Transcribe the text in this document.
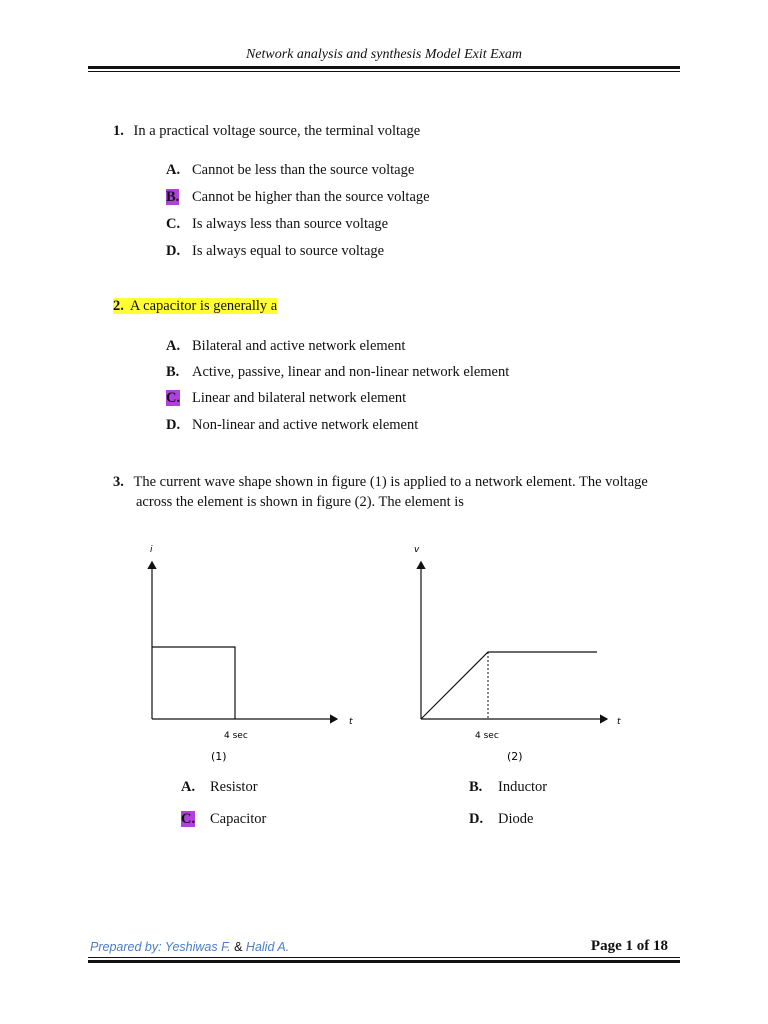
Network analysis and synthesis Model Exit Exam
1. In a practical voltage source, the terminal voltage
A. Cannot be less than the source voltage
B. Cannot be higher than the source voltage
C. Is always less than source voltage
D. Is always equal to source voltage
2. A capacitor is generally a
A. Bilateral and active network element
B. Active, passive, linear and non-linear network element
C. Linear and bilateral network element
D. Non-linear and active network element
3. The current wave shape shown in figure (1) is applied to a network element. The voltage
across the element is shown in figure (2). The element is
i
t
4 sec
(1)
v
t
4 sec
(2)
A. Resistor	B. Inductor
C. Capacitor	D. Diode
Prepared by: Yeshiwas F. & Halid A.	Page 1 of 18
